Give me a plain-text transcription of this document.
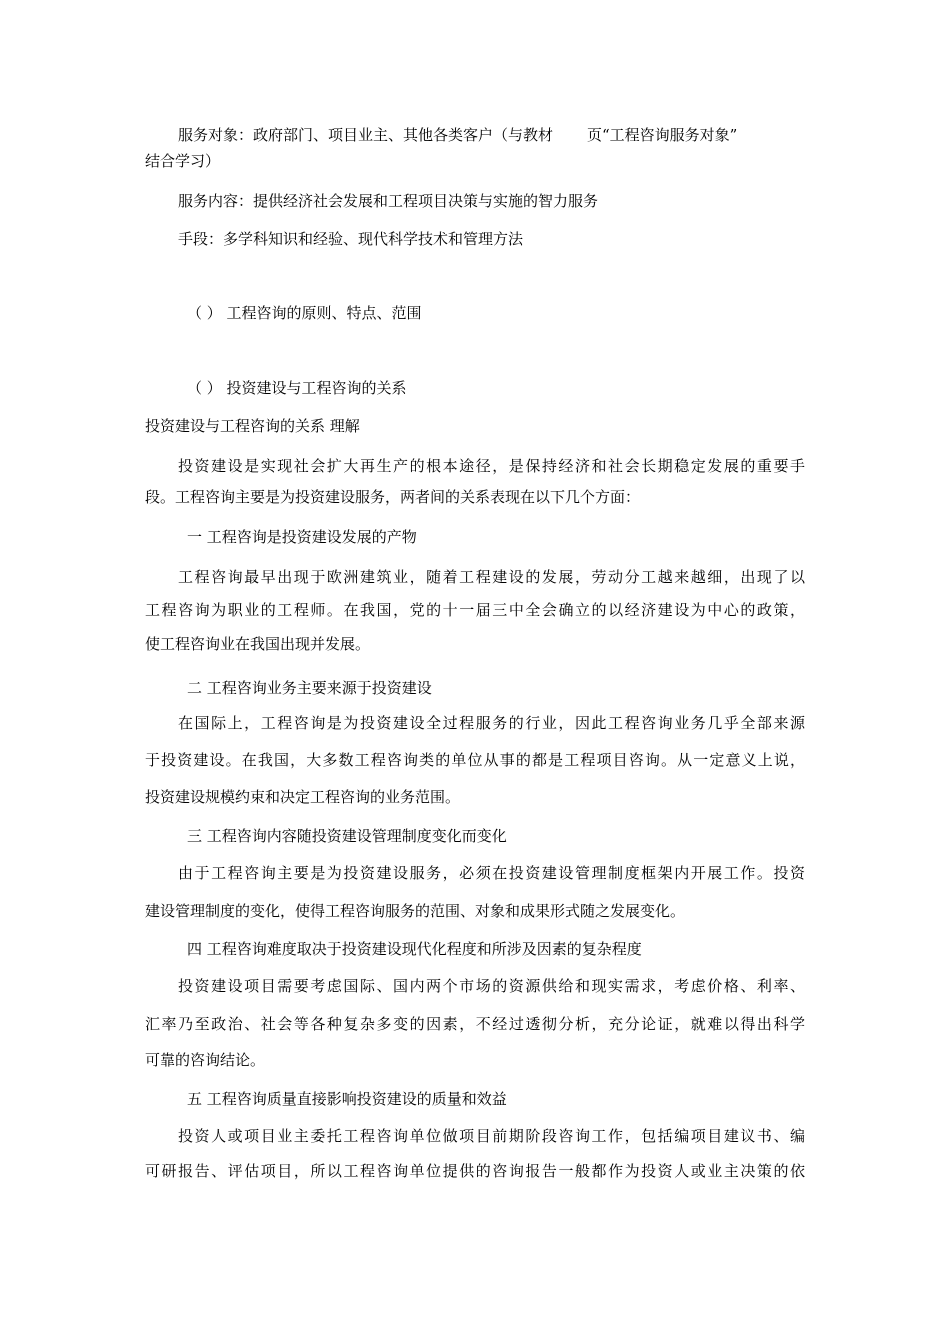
服务对象：政府部门、项目业主、其他各类客户（与教材 页“工程咨询服务对象”
结合学习）
服务内容：提供经济社会发展和工程项目决策与实施的智力服务
手段：多学科知识和经验、现代科学技术和管理方法
（ ） 工程咨询的原则、特点、范围
（ ） 投资建设与工程咨询的关系
投资建设与工程咨询的关系 理解
投资建设是实现社会扩大再生产的根本途径，是保持经济和社会长期稳定发展的重要手
段。工程咨询主要是为投资建设服务，两者间的关系表现在以下几个方面：
一 工程咨询是投资建设发展的产物
工程咨询最早出现于欧洲建筑业，随着工程建设的发展，劳动分工越来越细，出现了以
工程咨询为职业的工程师。在我国，党的十一届三中全会确立的以经济建设为中心的政策，
使工程咨询业在我国出现并发展。
二 工程咨询业务主要来源于投资建设
在国际上，工程咨询是为投资建设全过程服务的行业，因此工程咨询业务几乎全部来源
于投资建设。在我国，大多数工程咨询类的单位从事的都是工程项目咨询。从一定意义上说，
投资建设规模约束和决定工程咨询的业务范围。
三 工程咨询内容随投资建设管理制度变化而变化
由于工程咨询主要是为投资建设服务，必须在投资建设管理制度框架内开展工作。投资
建设管理制度的变化，使得工程咨询服务的范围、对象和成果形式随之发展变化。
四 工程咨询难度取决于投资建设现代化程度和所涉及因素的复杂程度
投资建设项目需要考虑国际、国内两个市场的资源供给和现实需求，考虑价格、利率、
汇率乃至政治、社会等各种复杂多变的因素，不经过透彻分析，充分论证，就难以得出科学
可靠的咨询结论。
五 工程咨询质量直接影响投资建设的质量和效益
投资人或项目业主委托工程咨询单位做项目前期阶段咨询工作，包括编项目建议书、编
可研报告、评估项目，所以工程咨询单位提供的咨询报告一般都作为投资人或业主决策的依
